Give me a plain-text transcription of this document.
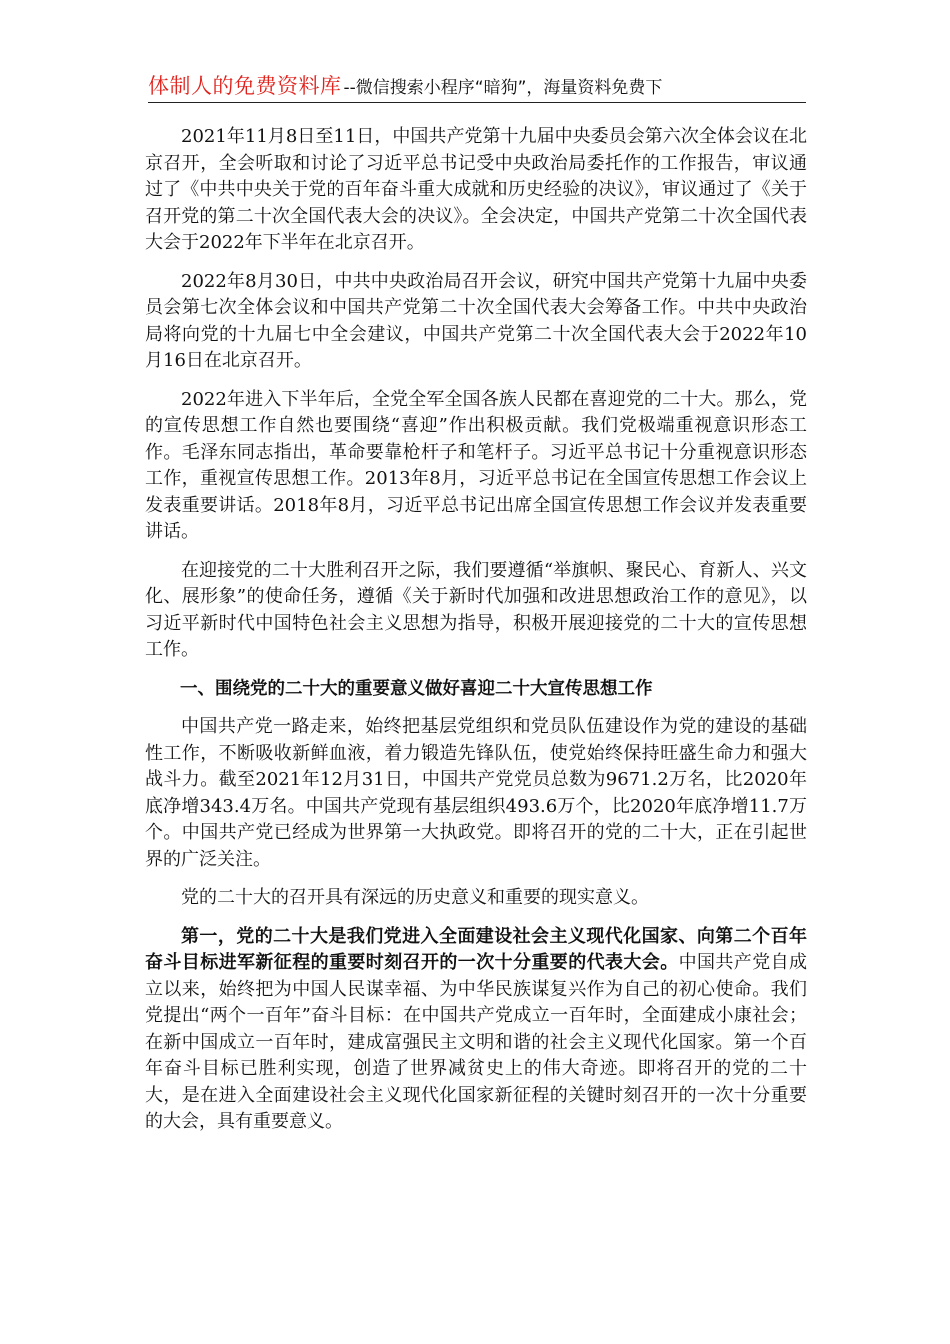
体制人的免费资料库 --微信搜索小程序“暗狗”，海量资料免费下

2021年11月8日至11日，中国共产党第十九届中央委员会第六次全体会议在北京召开，全会听取和讨论了习近平总书记受中央政治局委托作的工作报告，审议通过了《中共中央关于党的百年奋斗重大成就和历史经验的决议》，审议通过了《关于召开党的第二十次全国代表大会的决议》。全会决定，中国共产党第二十次全国代表大会于2022年下半年在北京召开。

2022年8月30日，中共中央政治局召开会议，研究中国共产党第十九届中央委员会第七次全体会议和中国共产党第二十次全国代表大会筹备工作。中共中央政治局将向党的十九届七中全会建议，中国共产党第二十次全国代表大会于2022年10月16日在北京召开。

2022年进入下半年后，全党全军全国各族人民都在喜迎党的二十大。那么，党的宣传思想工作自然也要围绕“喜迎”作出积极贡献。我们党极端重视意识形态工作。毛泽东同志指出，革命要靠枪杆子和笔杆子。习近平总书记十分重视意识形态工作，重视宣传思想工作。2013年8月，习近平总书记在全国宣传思想工作会议上发表重要讲话。2018年8月，习近平总书记出席全国宣传思想工作会议并发表重要讲话。

在迎接党的二十大胜利召开之际，我们要遵循“举旗帜、聚民心、育新人、兴文化、展形象”的使命任务，遵循《关于新时代加强和改进思想政治工作的意见》，以习近平新时代中国特色社会主义思想为指导，积极开展迎接党的二十大的宣传思想工作。

一、围绕党的二十大的重要意义做好喜迎二十大宣传思想工作

中国共产党一路走来，始终把基层党组织和党员队伍建设作为党的建设的基础性工作，不断吸收新鲜血液，着力锻造先锋队伍，使党始终保持旺盛生命力和强大战斗力。截至2021年12月31日，中国共产党党员总数为9671.2万名，比2020年底净增343.4万名。中国共产党现有基层组织493.6万个，比2020年底净增11.7万个。中国共产党已经成为世界第一大执政党。即将召开的党的二十大，正在引起世界的广泛关注。

党的二十大的召开具有深远的历史意义和重要的现实意义。

第一，党的二十大是我们党进入全面建设社会主义现代化国家、向第二个百年奋斗目标进军新征程的重要时刻召开的一次十分重要的代表大会。中国共产党自成立以来，始终把为中国人民谋幸福、为中华民族谋复兴作为自己的初心使命。我们党提出“两个一百年”奋斗目标：在中国共产党成立一百年时，全面建成小康社会；在新中国成立一百年时，建成富强民主文明和谐的社会主义现代化国家。第一个百年奋斗目标已胜利实现，创造了世界减贫史上的伟大奇迹。即将召开的党的二十大，是在进入全面建设社会主义现代化国家新征程的关键时刻召开的一次十分重要的大会，具有重要意义。
